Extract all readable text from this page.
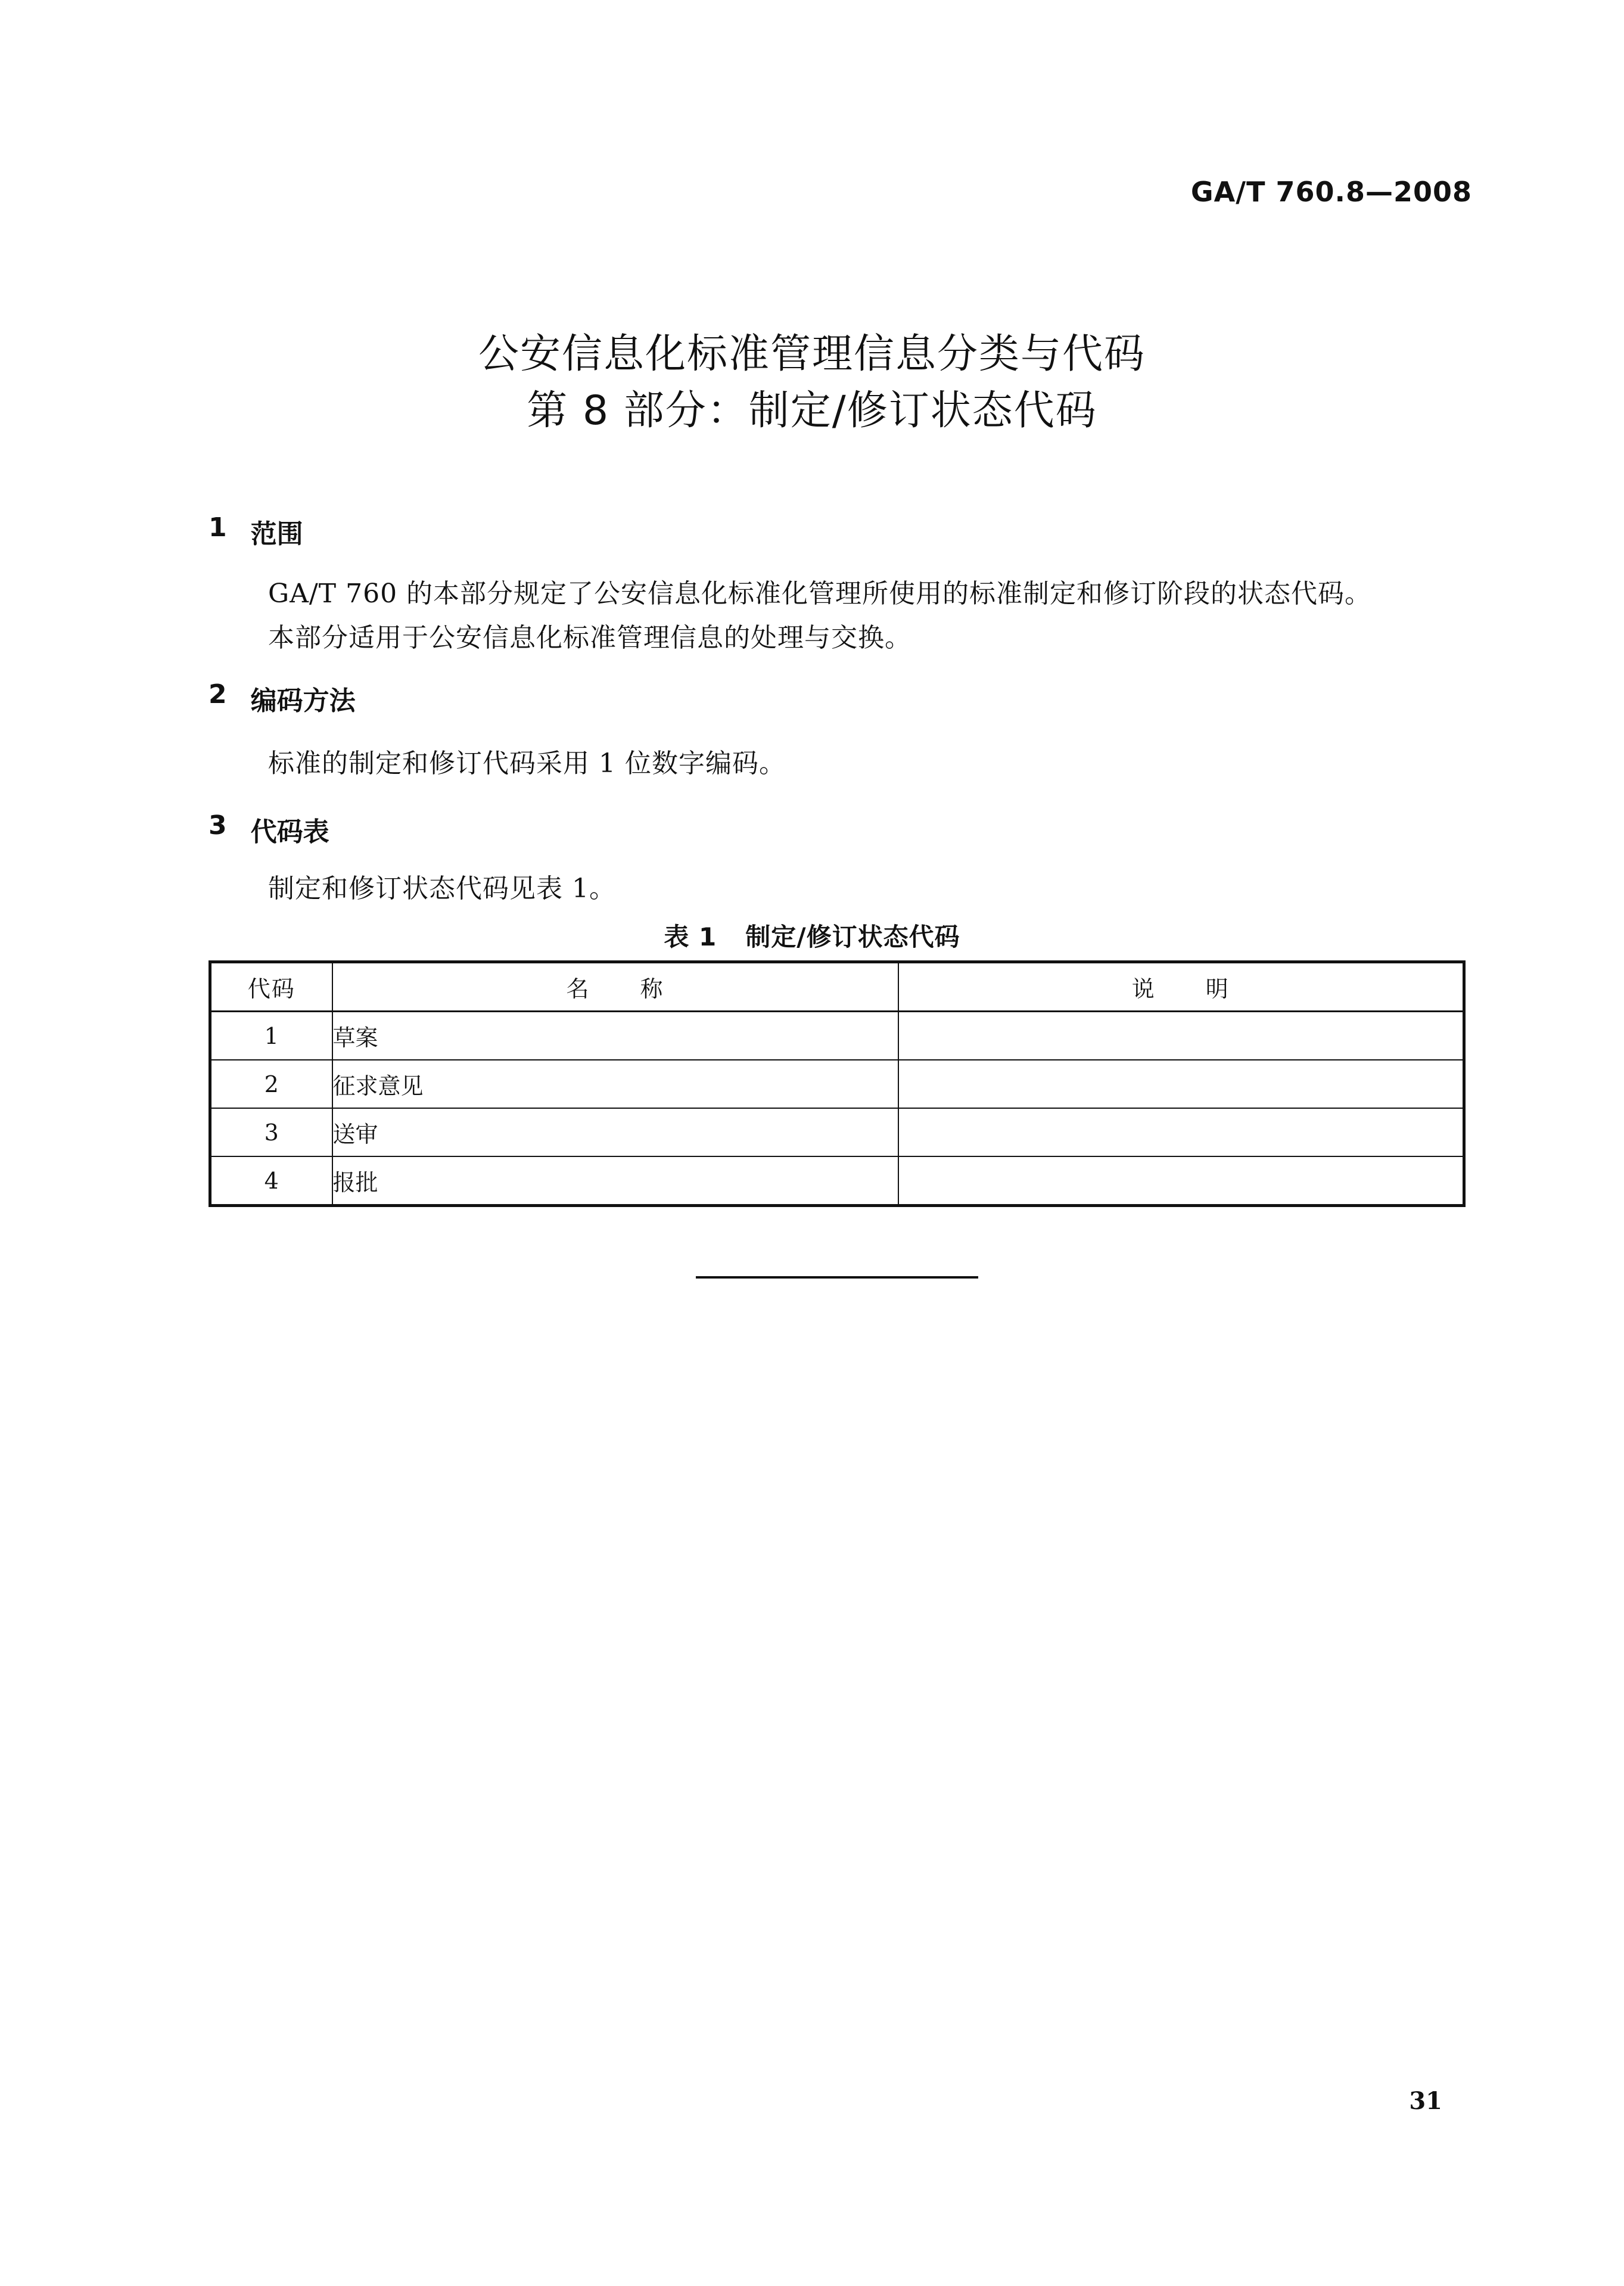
GA/T 760.8—2008
公安信息化标准管理信息分类与代码
第 8 部分：制定/修订状态代码
1 范围
GA/T 760 的本部分规定了公安信息化标准化管理所使用的标准制定和修订阶段的状态代码。
本部分适用于公安信息化标准管理信息的处理与交换。
2 编码方法
标准的制定和修订代码采用 1 位数字编码。
3 代码表
制定和修订状态代码见表 1。
表 1 制定/修订状态代码
代码	名 称	说 明
1	草案	
2	征求意见	
3	送审	
4	报批	
31
